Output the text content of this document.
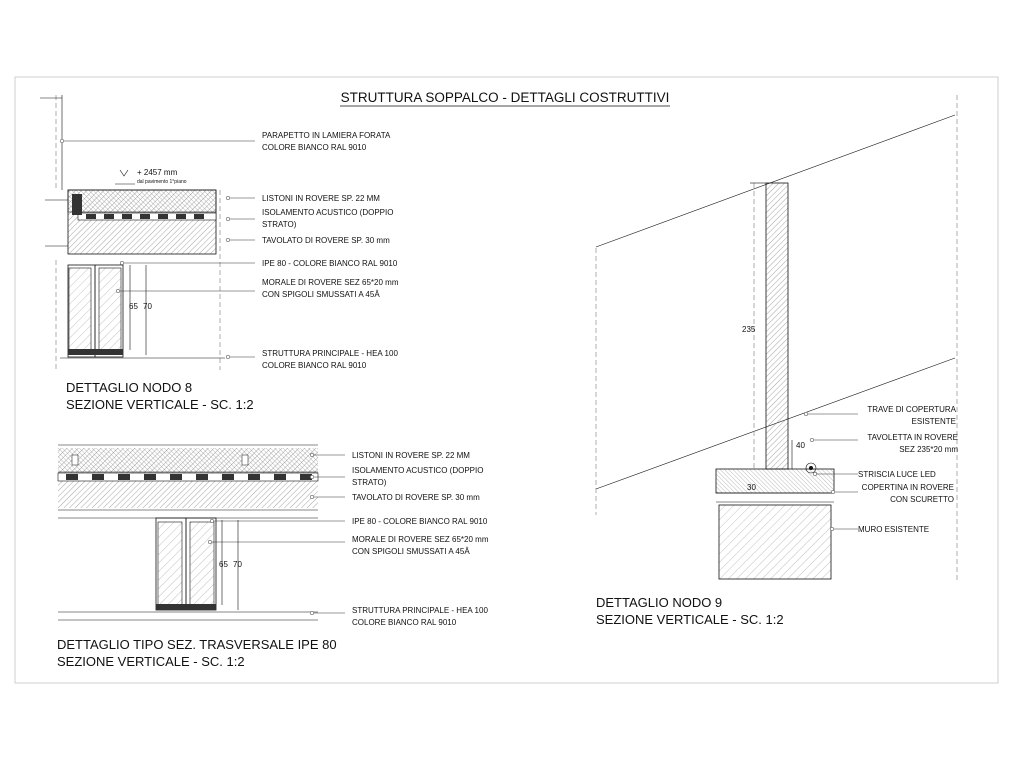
STRUTTURA SOPPALCO - DETTAGLI COSTRUTTIVI
65 70
+ 2457 mm
dal pavimento 1°piano
PARAPETTO IN LAMIERA FORATA
COLORE BIANCO RAL 9010
LISTONI IN ROVERE SP. 22 MM
ISOLAMENTO ACUSTICO (DOPPIO
STRATO)
TAVOLATO DI ROVERE SP. 30 mm
IPE 80 - COLORE BIANCO RAL 9010
MORALE DI ROVERE SEZ 65*20 mm
CON SPIGOLI SMUSSATI A 45Â
STRUTTURA PRINCIPALE - HEA 100
COLORE BIANCO RAL 9010
DETTAGLIO NODO 8
SEZIONE VERTICALE - SC. 1:2
65 70
LISTONI IN ROVERE SP. 22 MM
ISOLAMENTO ACUSTICO (DOPPIO
STRATO)
TAVOLATO DI ROVERE SP. 30 mm
IPE 80 - COLORE BIANCO RAL 9010
MORALE DI ROVERE SEZ 65*20 mm
CON SPIGOLI SMUSSATI A 45Â
STRUTTURA PRINCIPALE - HEA 100
COLORE BIANCO RAL 9010
DETTAGLIO TIPO SEZ. TRASVERSALE IPE 80
SEZIONE VERTICALE - SC. 1:2
235
40
30
TRAVE DI COPERTURA
ESISTENTE
TAVOLETTA IN ROVERE
SEZ 235*20 mm
STRISCIA LUCE LED
COPERTINA IN ROVERE
CON SCURETTO
MURO ESISTENTE
DETTAGLIO NODO 9
SEZIONE VERTICALE - SC. 1:2
